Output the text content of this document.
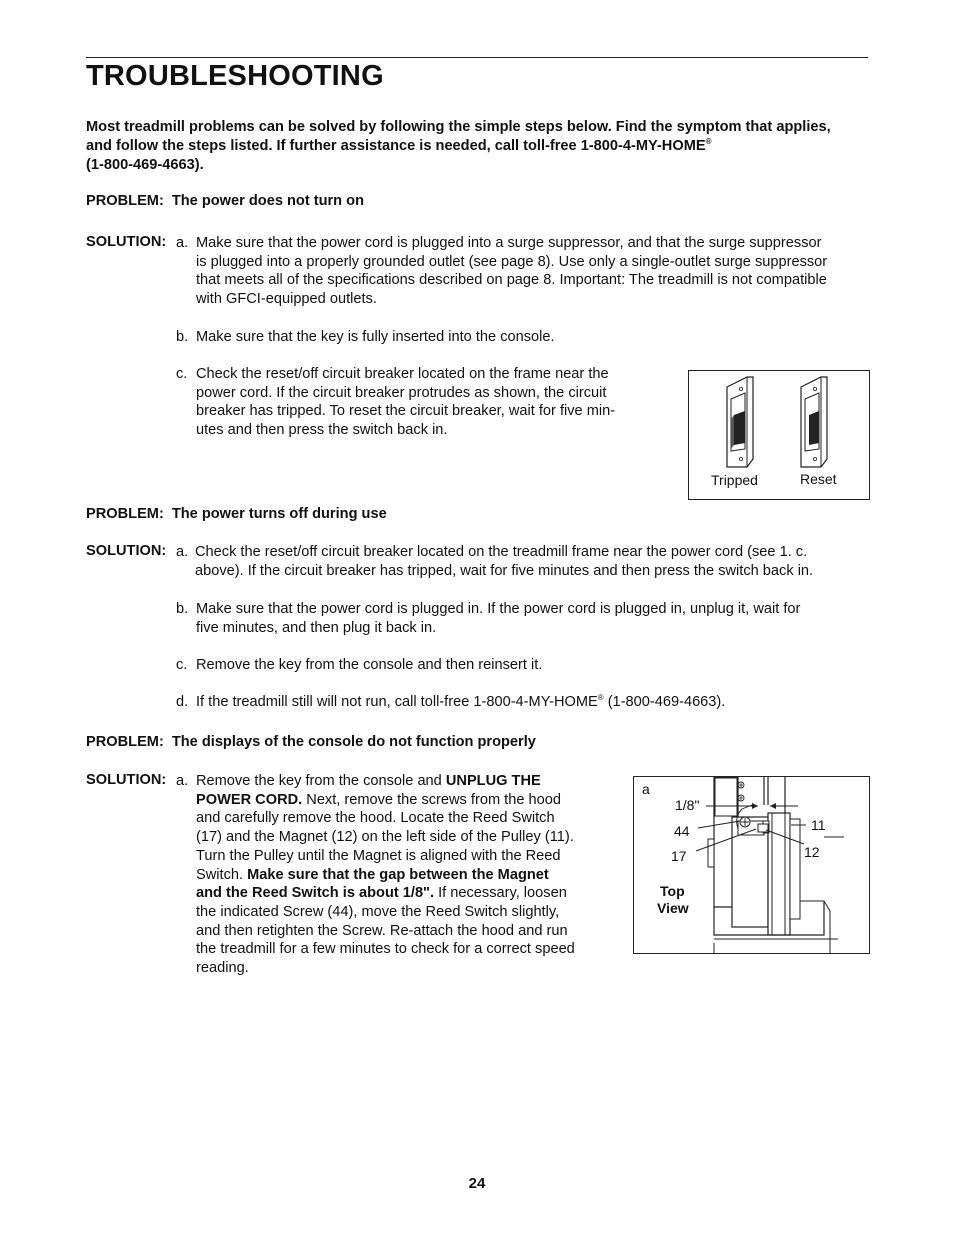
TROUBLESHOOTING

Most treadmill problems can be solved by following the simple steps below. Find the symptom that applies, and follow the steps listed. If further assistance is needed, call toll-free 1-800-4-MY-HOME®
(1-800-469-4663).

PROBLEM: The power does not turn on

SOLUTION: a. Make sure that the power cord is plugged into a surge suppressor, and that the surge suppressor
is plugged into a properly grounded outlet (see page 8). Use only a single-outlet surge suppressor
that meets all of the specifications described on page 8. Important: The treadmill is not compatible
with GFCI-equipped outlets.
b. Make sure that the key is fully inserted into the console.
c. Check the reset/off circuit breaker located on the frame near the
power cord. If the circuit breaker protrudes as shown, the circuit
breaker has tripped. To reset the circuit breaker, wait for five min-
utes and then press the switch back in.
Tripped	Reset

PROBLEM: The power turns off during use

SOLUTION: a. Check the reset/off circuit breaker located on the treadmill frame near the power cord (see 1. c.
above). If the circuit breaker has tripped, wait for five minutes and then press the switch back in.
b. Make sure that the power cord is plugged in. If the power cord is plugged in, unplug it, wait for
five minutes, and then plug it back in.
c. Remove the key from the console and then reinsert it.
d. If the treadmill still will not run, call toll-free 1-800-4-MY-HOME® (1-800-469-4663).

PROBLEM: The displays of the console do not function properly

SOLUTION: a. Remove the key from the console and UNPLUG THE
POWER CORD. Next, remove the screws from the hood
and carefully remove the hood. Locate the Reed Switch
(17) and the Magnet (12) on the left side of the Pulley (11).
Turn the Pulley until the Magnet is aligned with the Reed
Switch. Make sure that the gap between the Magnet
and the Reed Switch is about 1/8". If necessary, loosen
the indicated Screw (44), move the Reed Switch slightly,
and then retighten the Screw. Re-attach the hood and run
the treadmill for a few minutes to check for a correct speed
reading.
a
1/8"
44
17
11
12
Top
View
24
